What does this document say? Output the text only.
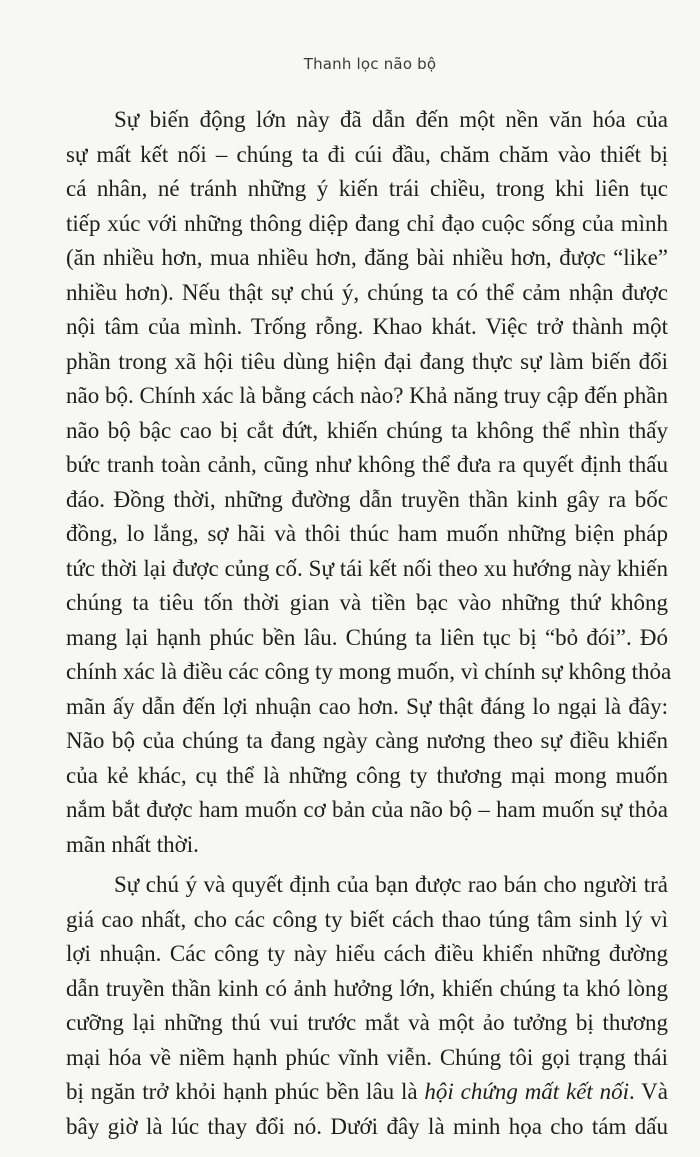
Thanh lọc não bộ
Sự biến động lớn này đã dẫn đến một nền văn hóa của
sự mất kết nối – chúng ta đi cúi đầu, chăm chăm vào thiết bị
cá nhân, né tránh những ý kiến trái chiều, trong khi liên tục
tiếp xúc với những thông diệp đang chỉ đạo cuộc sống của mình
(ăn nhiều hơn, mua nhiều hơn, đăng bài nhiều hơn, được “like”
nhiều hơn). Nếu thật sự chú ý, chúng ta có thể cảm nhận được
nội tâm của mình. Trống rỗng. Khao khát. Việc trở thành một
phần trong xã hội tiêu dùng hiện đại đang thực sự làm biến đổi
não bộ. Chính xác là bằng cách nào? Khả năng truy cập đến phần
não bộ bậc cao bị cắt đứt, khiến chúng ta không thể nhìn thấy
bức tranh toàn cảnh, cũng như không thể đưa ra quyết định thấu
đáo. Đồng thời, những đường dẫn truyền thần kinh gây ra bốc
đồng, lo lắng, sợ hãi và thôi thúc ham muốn những biện pháp
tức thời lại được củng cố. Sự tái kết nối theo xu hướng này khiến
chúng ta tiêu tốn thời gian và tiền bạc vào những thứ không
mang lại hạnh phúc bền lâu. Chúng ta liên tục bị “bỏ đói”. Đó
chính xác là điều các công ty mong muốn, vì chính sự không thỏa
mãn ấy dẫn đến lợi nhuận cao hơn. Sự thật đáng lo ngại là đây:
Não bộ của chúng ta đang ngày càng nương theo sự điều khiển
của kẻ khác, cụ thể là những công ty thương mại mong muốn
nắm bắt được ham muốn cơ bản của não bộ – ham muốn sự thỏa
mãn nhất thời.
Sự chú ý và quyết định của bạn được rao bán cho người trả
giá cao nhất, cho các công ty biết cách thao túng tâm sinh lý vì
lợi nhuận. Các công ty này hiểu cách điều khiển những đường
dẫn truyền thần kinh có ảnh hưởng lớn, khiến chúng ta khó lòng
cưỡng lại những thú vui trước mắt và một ảo tưởng bị thương
mại hóa về niềm hạnh phúc vĩnh viễn. Chúng tôi gọi trạng thái
bị ngăn trở khỏi hạnh phúc bền lâu là hội chứng mất kết nối. Và
bây giờ là lúc thay đổi nó. Dưới đây là minh họa cho tám dấu
